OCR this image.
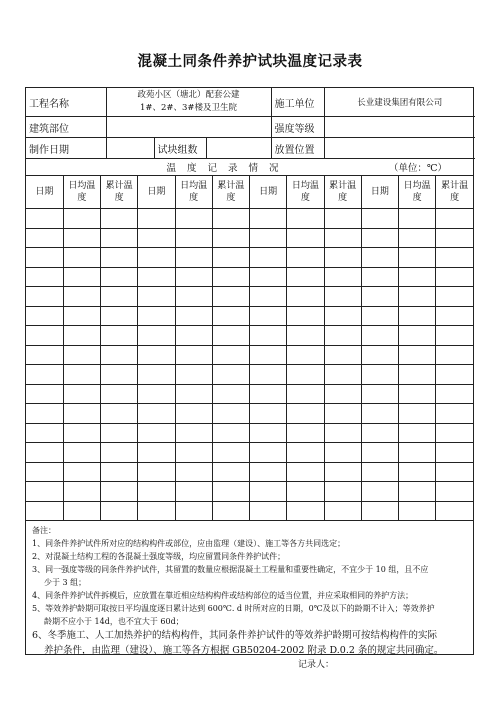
混凝土同条件养护试块温度记录表
工程名称	政苑小区（塘北）配套公建
1#、2#、3#楼及卫生院			施工单位	长业建设集团有限公司
建筑部位				强度等级	
制作日期		试块组数		放置位置	
温 度 记 录 情 况	（单位：℃）
日期	日均温度	累计温度	日期	日均温度	累计温度	日期	日均温度	累计温度	日期	日均温度	累计温度

备注：

1、同条件养护试件所对应的结构构件或部位，应由监理（建设）、施工等各方共同选定；

2、对混凝土结构工程的各混凝土强度等级，均应留置同条件养护试件；

3、同一强度等级的同条件养护试件，其留置的数量应根据混凝土工程量和重要性确定，不宜少于 10 组，且不应

少于 3 组；

4、同条件养护试件拆模后，应放置在靠近相应结构构件或结构部位的适当位置，并应采取相同的养护方法；

5、等效养护龄期可取按日平均温度逐日累计达到 600℃. d 时所对应的日期，0℃及以下的龄期不计入；等效养护

龄期不应小于 14d，也不宜大于 60d；

6、冬季施工、人工加热养护的结构构件，其同条件养护试件的等效养护龄期可按结构构件的实际

养护条件，由监理（建设）、施工等各方根据 GB50204-2002 附录 D.0.2 条的规定共同确定。

记录人：
